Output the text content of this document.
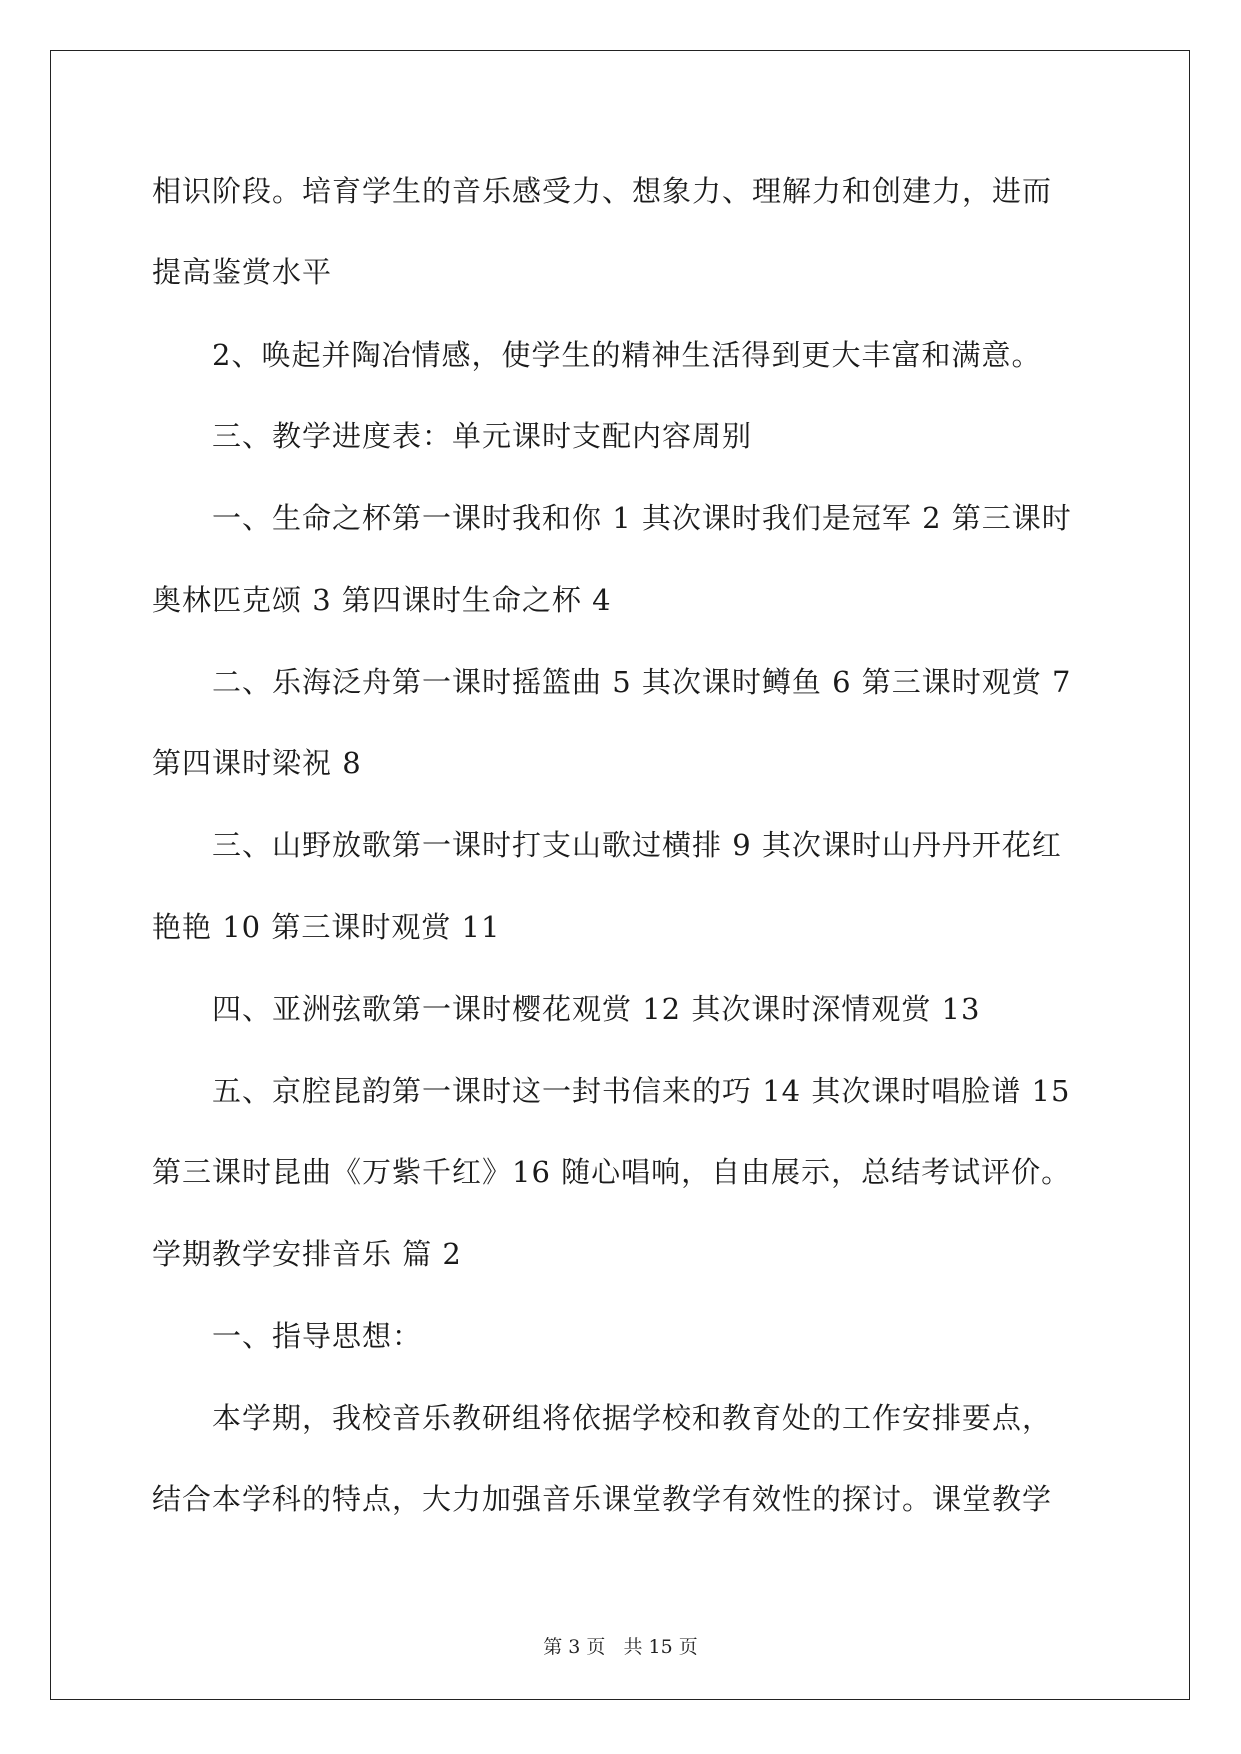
相识阶段。培育学生的音乐感受力、想象力、理解力和创建力，进而
提高鉴赏水平
2、唤起并陶冶情感，使学生的精神生活得到更大丰富和满意。
三、教学进度表：单元课时支配内容周别
一、生命之杯第一课时我和你 1 其次课时我们是冠军 2 第三课时
奥林匹克颂 3 第四课时生命之杯 4
二、乐海泛舟第一课时摇篮曲 5 其次课时鳟鱼 6 第三课时观赏 7
第四课时梁祝 8
三、山野放歌第一课时打支山歌过横排 9 其次课时山丹丹开花红
艳艳 10 第三课时观赏 11
四、亚洲弦歌第一课时樱花观赏 12 其次课时深情观赏 13
五、京腔昆韵第一课时这一封书信来的巧 14 其次课时唱脸谱 15
第三课时昆曲《万紫千红》16 随心唱响，自由展示，总结考试评价。
学期教学安排音乐 篇 2
一、指导思想：
本学期，我校音乐教研组将依据学校和教育处的工作安排要点，
结合本学科的特点，大力加强音乐课堂教学有效性的探讨。课堂教学
第 3 页 共 15 页
